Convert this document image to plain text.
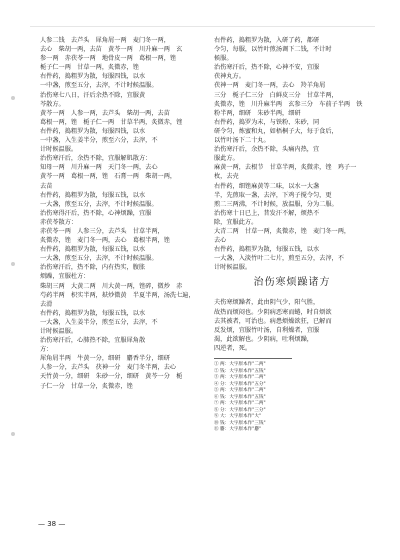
人参二钱　去芦头　犀角屑一两　麦门冬一两，
去心　柴胡一两，去苗　黄芩一两　川升麻一两　玄
参一两　赤茯苓一两　地骨皮一两　葛根一两，锉
栀子仁一两　甘草一两，炙微赤，锉
右件药，捣粗罗为散，每服四钱，以水
一中盏，煎至五分，去滓，不计时候温服。
治伤寒七八日，汗后余热不除，宜服黄
芩散方。
黄芩一两　人参一两，去芦头　柴胡一两，去苗
葛根一两，锉　栀子仁一两　甘草半两，炙微赤，锉
右件药，捣粗罗为散，每服四钱，以水
一中盏，入生姜半分，煎至六分，去滓，不
计时候温服。
治伤寒汗后，余热不除，宜服解肌散方：
知母一两　川升麻一两　天门冬一两，去心
黄芩一两　葛根一两，锉　石膏一两　柴胡一两，
去苗
右件药，捣粗罗为散，每服五钱，以水
一大盏，煎至五分，去滓，不计时候温服。
治伤寒得汗后，热不除，心神烦躁，宜服
赤茯苓散方：
赤茯苓一两　人参三分，去芦头　甘草半两，
炙微赤，锉　麦门冬一两，去心　葛根半两，锉
右件药，捣粗罗为散，每服五钱，以水
一大盏，煎至五分，去滓，不计时候温服。
治伤寒汗后，热不除，内有热实，腹胀
烦躁，宜服杜方：
柴胡三两　大黄二两　川大黄一两，锉碎，微炒　赤
芍药半两　枳实半两，麸炒微黄　半夏半两，汤洗七遍，
去滑
右件药，捣粗罗为散，每服五钱，以水
一大盏，入生姜半分，煎至五分，去滓，不
计时候温服。
治伤寒汗后，心肺热不除，宜服犀角散
方：
犀角屑半两　牛黄一分，细研　麝香半分，细研
人参一分，去芦头　茯神一分　麦门冬半两，去心
天竹黄一分，细研　朱砂一分，细研　黄芩一分　栀
子仁一分　甘草一分，炙微赤，锉
右件药，捣粗罗为散，入研了药，都研
令匀，每服，以竹叶煎汤调下二钱，不计时
候服。
治伤寒汗后，热不除，心神不安，宜服
茯神丸方。
茯神一两　麦门冬一两，去心　羚羊角屑
三分　栀子仁三分　白鲜皮三分　甘草半两，
炙微赤，锉　川升麻半两　玄参三分　车前子半两　铁
粉半两，细研　朱砂半两，细研
右件药，捣罗为末，与铁粉、朱砂，同
研令匀，炼蜜和丸，如梧桐子大，每于食后，
以竹叶汤下二十丸。
治伤寒汗后，余热不除，头痛内热，宜
服此方。
麻黄一两，去根节　甘草半两，炙微赤，锉　鸡子一
枚，去壳
右件药，细锉麻黄等二味，以水一大盏
半，先煎取一盏，去滓，下鸡子搅令匀，更
煎二三两沸，不计时候，放温服，分为二服。
治伤寒十日已上，昔发汗不解，烦热不
除，宜服此方。
大青二两　甘草一两，炙微赤，锉　麦门冬一两，
去心
右件药，捣粗罗为散，每服五钱，以水
一大盏，入淡竹叶二七片，煎至五分，去滓，不
计时候温服。
治伤寒烦躁诸方
夫伤寒烦躁者，此由阴气少，阳气胜，
故热而烦闷也。少阴病恶寒而蜷，时自烦欲
去其被者，可治也。病患烦燥欲狂，已解而
反发烦，宜服竹叶汤，自利燥者，宜服
渴，此欲解也。少阴病，吐利烦躁，
四逆者，死。
① 两：大字原本作"二两"
② 钱：大字原本作"五钱"
③ 两：大字原本作"二两"
④ 分：大字原本作"五分"
⑤ 两：大字原本作"二两"
⑥ 钱：大字原本作"五钱"
⑦ 两：大字原本作"二两"
⑧ 分：大字原本作"三分"
⑨ 大：大字原本作"大"
⑩ 钱：大字原本作"三钱"
⑪ 麝：大字原本作"麝"
— 38 —
